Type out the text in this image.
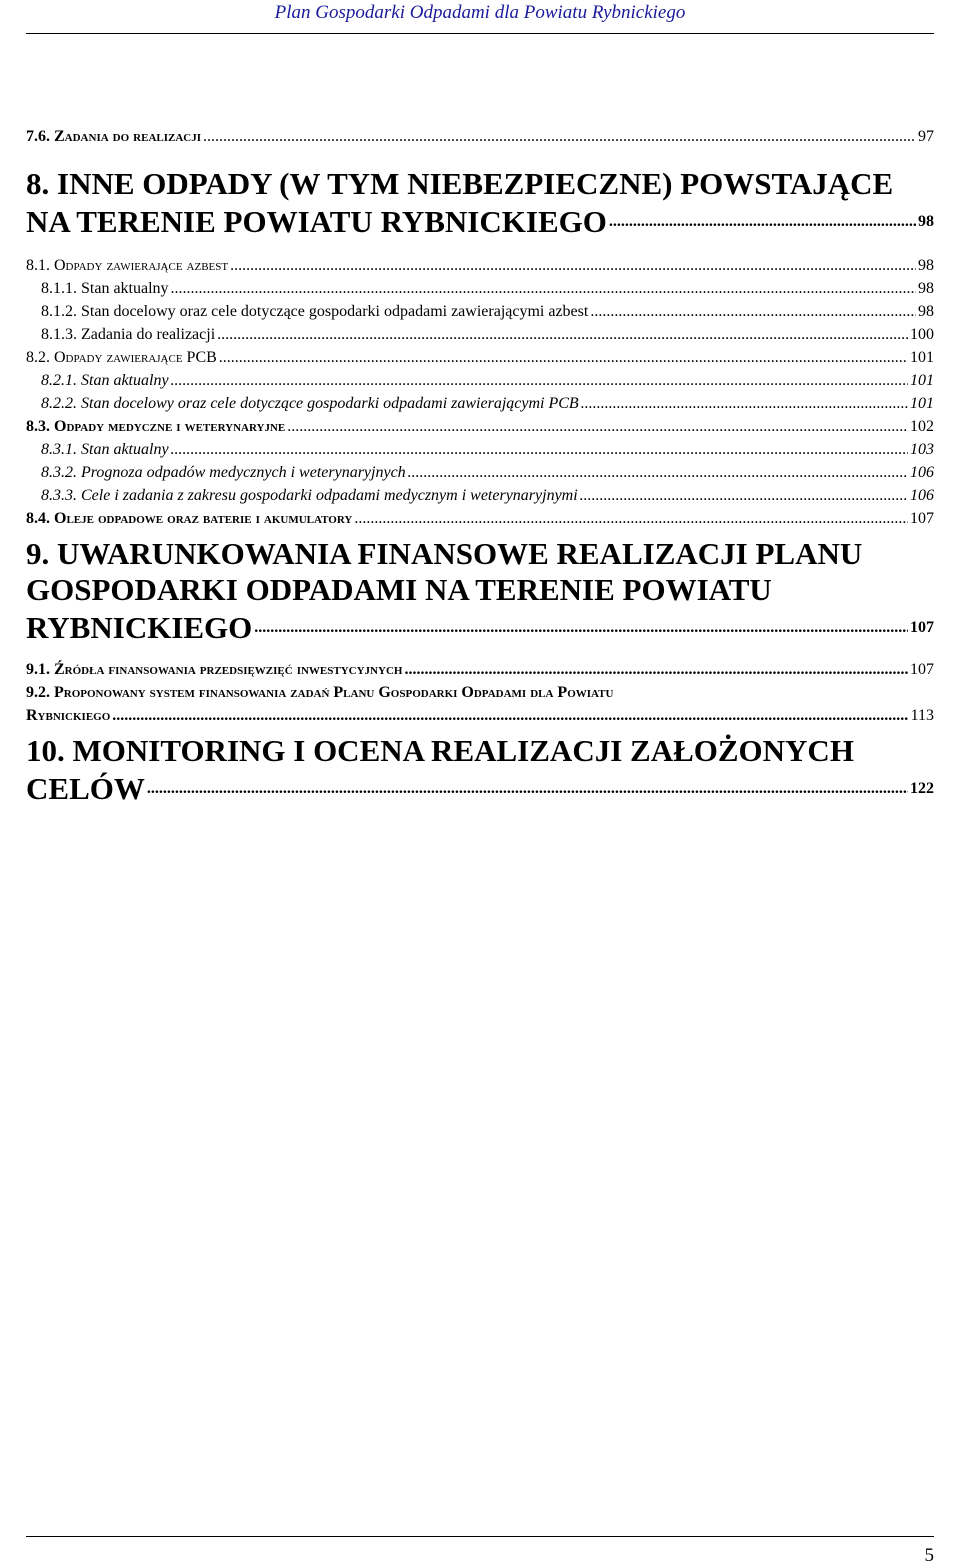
Plan Gospodarki Odpadami dla Powiatu Rybnickiego
7.6. Zadania do realizacji .....	97
8. INNE ODPADY (W TYM NIEBEZPIECZNE) POWSTAJĄCE
NA TERENIE POWIATU RYBNICKIEGO .....	98
8.1. Odpady zawierające azbest .....	98
8.1.1. Stan aktualny .....	98
8.1.2. Stan docelowy oraz cele dotyczące gospodarki odpadami zawierającymi azbest .....	98
8.1.3. Zadania do realizacji .....	100
8.2. Odpady zawierające PCB .....	101
8.2.1. Stan aktualny .....	101
8.2.2. Stan docelowy oraz cele dotyczące gospodarki odpadami zawierającymi PCB .....	101
8.3. Odpady medyczne i weterynaryjne .....	102
8.3.1. Stan aktualny .....	103
8.3.2. Prognoza odpadów medycznych i weterynaryjnych .....	106
8.3.3. Cele i zadania z zakresu gospodarki odpadami medycznym i weterynaryjnymi .....	106
8.4. Oleje odpadowe oraz baterie i akumulatory .....	107
9. UWARUNKOWANIA FINANSOWE REALIZACJI PLANU
GOSPODARKI ODPADAMI NA TERENIE POWIATU
RYBNICKIEGO .....	107
9.1. Źródła finansowania przedsięwzięć inwestycyjnych .....	107
9.2. Proponowany system finansowania zadań Planu Gospodarki Odpadami dla Powiatu
Rybnickiego .....	113
10. MONITORING I OCENA REALIZACJI ZAŁOŻONYCH
CELÓW .....	122
5
